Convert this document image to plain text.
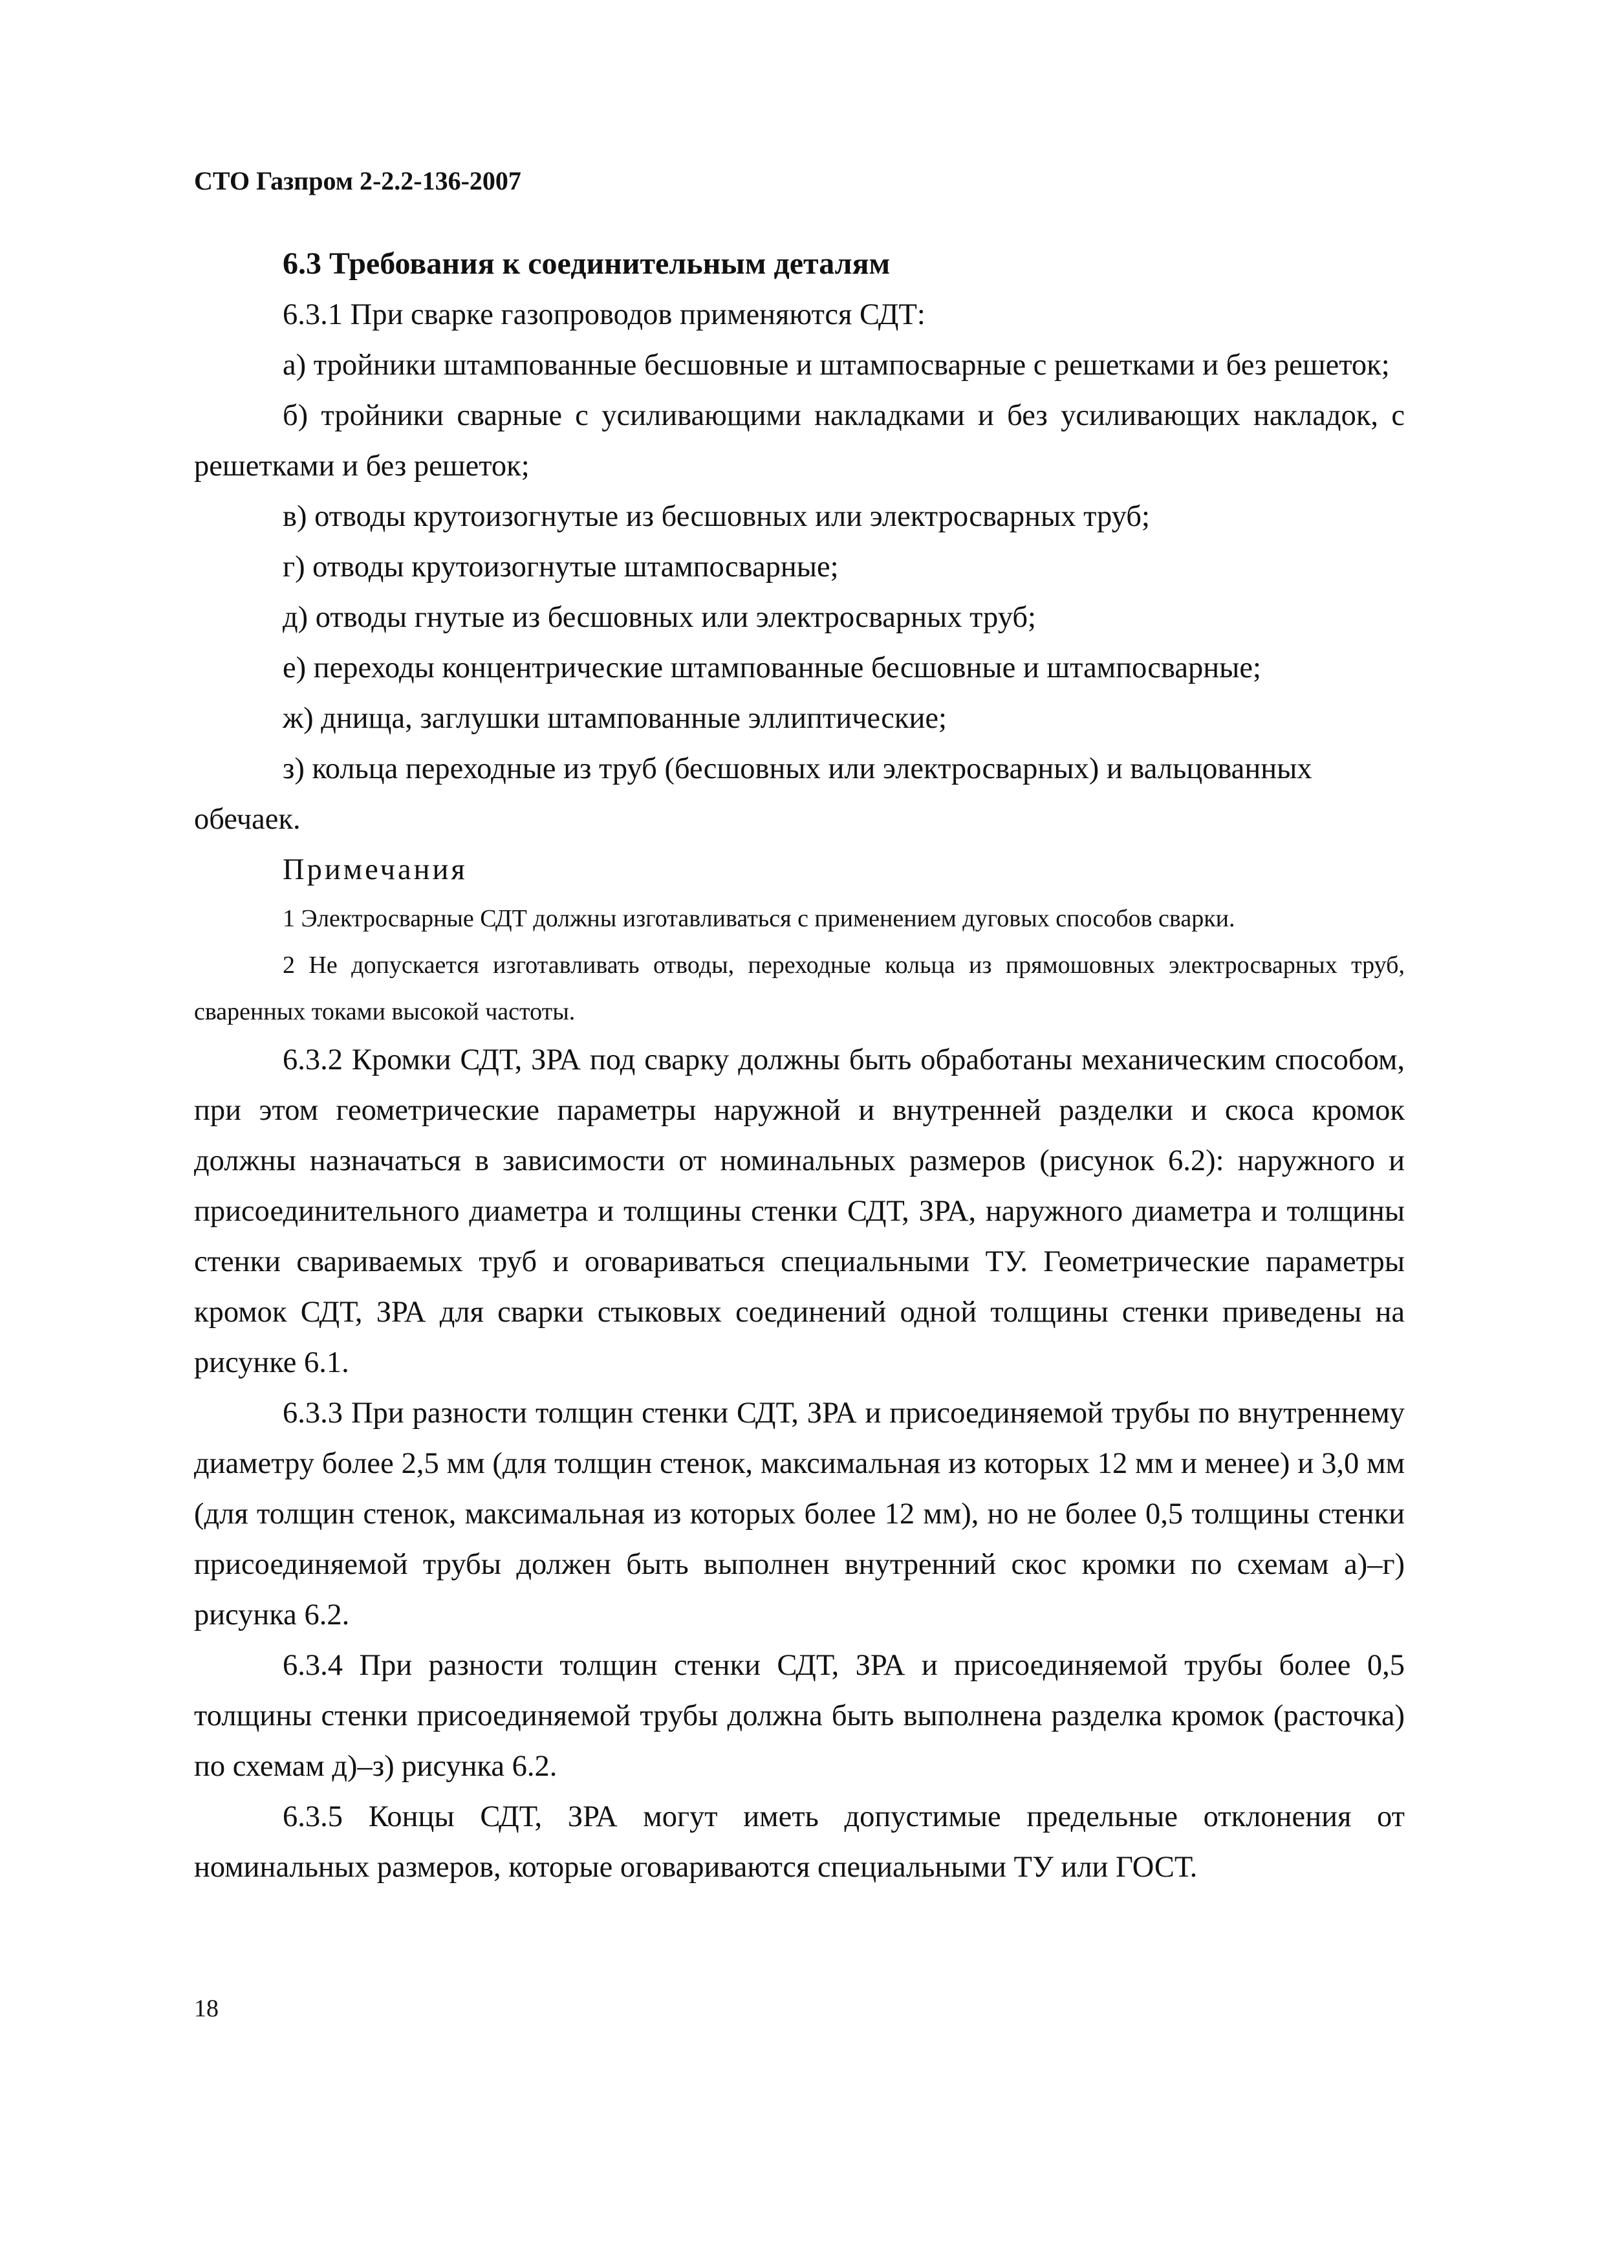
СТО Газпром 2-2.2-136-2007
6.3 Требования к соединительным деталям

6.3.1 При сварке газопроводов применяются СДТ:

а) тройники штампованные бесшовные и штампосварные с решетками и без решеток;

б) тройники сварные с усиливающими накладками и без усиливающих накладок, с решетками и без решеток;

в) отводы крутоизогнутые из бесшовных или электросварных труб;

г) отводы крутоизогнутые штампосварные;

д) отводы гнутые из бесшовных или электросварных труб;

е) переходы концентрические штампованные бесшовные и штампосварные;

ж) днища, заглушки штампованные эллиптические;

з) кольца переходные из труб (бесшовных или электросварных) и вальцованных обечаек.

Примечания

1 Электросварные СДТ должны изготавливаться с применением дуговых способов сварки.

2 Не допускается изготавливать отводы, переходные кольца из прямошовных электросварных труб, сваренных токами высокой частоты.

6.3.2 Кромки СДТ, ЗРА под сварку должны быть обработаны механическим способом, при этом геометрические параметры наружной и внутренней разделки и скоса кромок должны назначаться в зависимости от номинальных размеров (рисунок 6.2): наружного и присоединительного диаметра и толщины стенки СДТ, ЗРА, наружного диаметра и толщины стенки свариваемых труб и оговариваться специальными ТУ. Геометрические параметры кромок СДТ, ЗРА для сварки стыковых соединений одной толщины стенки приведены на рисунке 6.1.

6.3.3 При разности толщин стенки СДТ, ЗРА и присоединяемой трубы по внутреннему диаметру более 2,5 мм (для толщин стенок, максимальная из которых 12 мм и менее) и 3,0 мм (для толщин стенок, максимальная из которых более 12 мм), но не более 0,5 толщины стенки присоединяемой трубы должен быть выполнен внутренний скос кромки по схемам а)–г) рисунка 6.2.

6.3.4 При разности толщин стенки СДТ, ЗРА и присоединяемой трубы более 0,5 толщины стенки присоединяемой трубы должна быть выполнена разделка кромок (расточка) по схемам д)–з) рисунка 6.2.

6.3.5 Концы СДТ, ЗРА могут иметь допустимые предельные отклонения от номинальных размеров, которые оговариваются специальными ТУ или ГОСТ.

18
